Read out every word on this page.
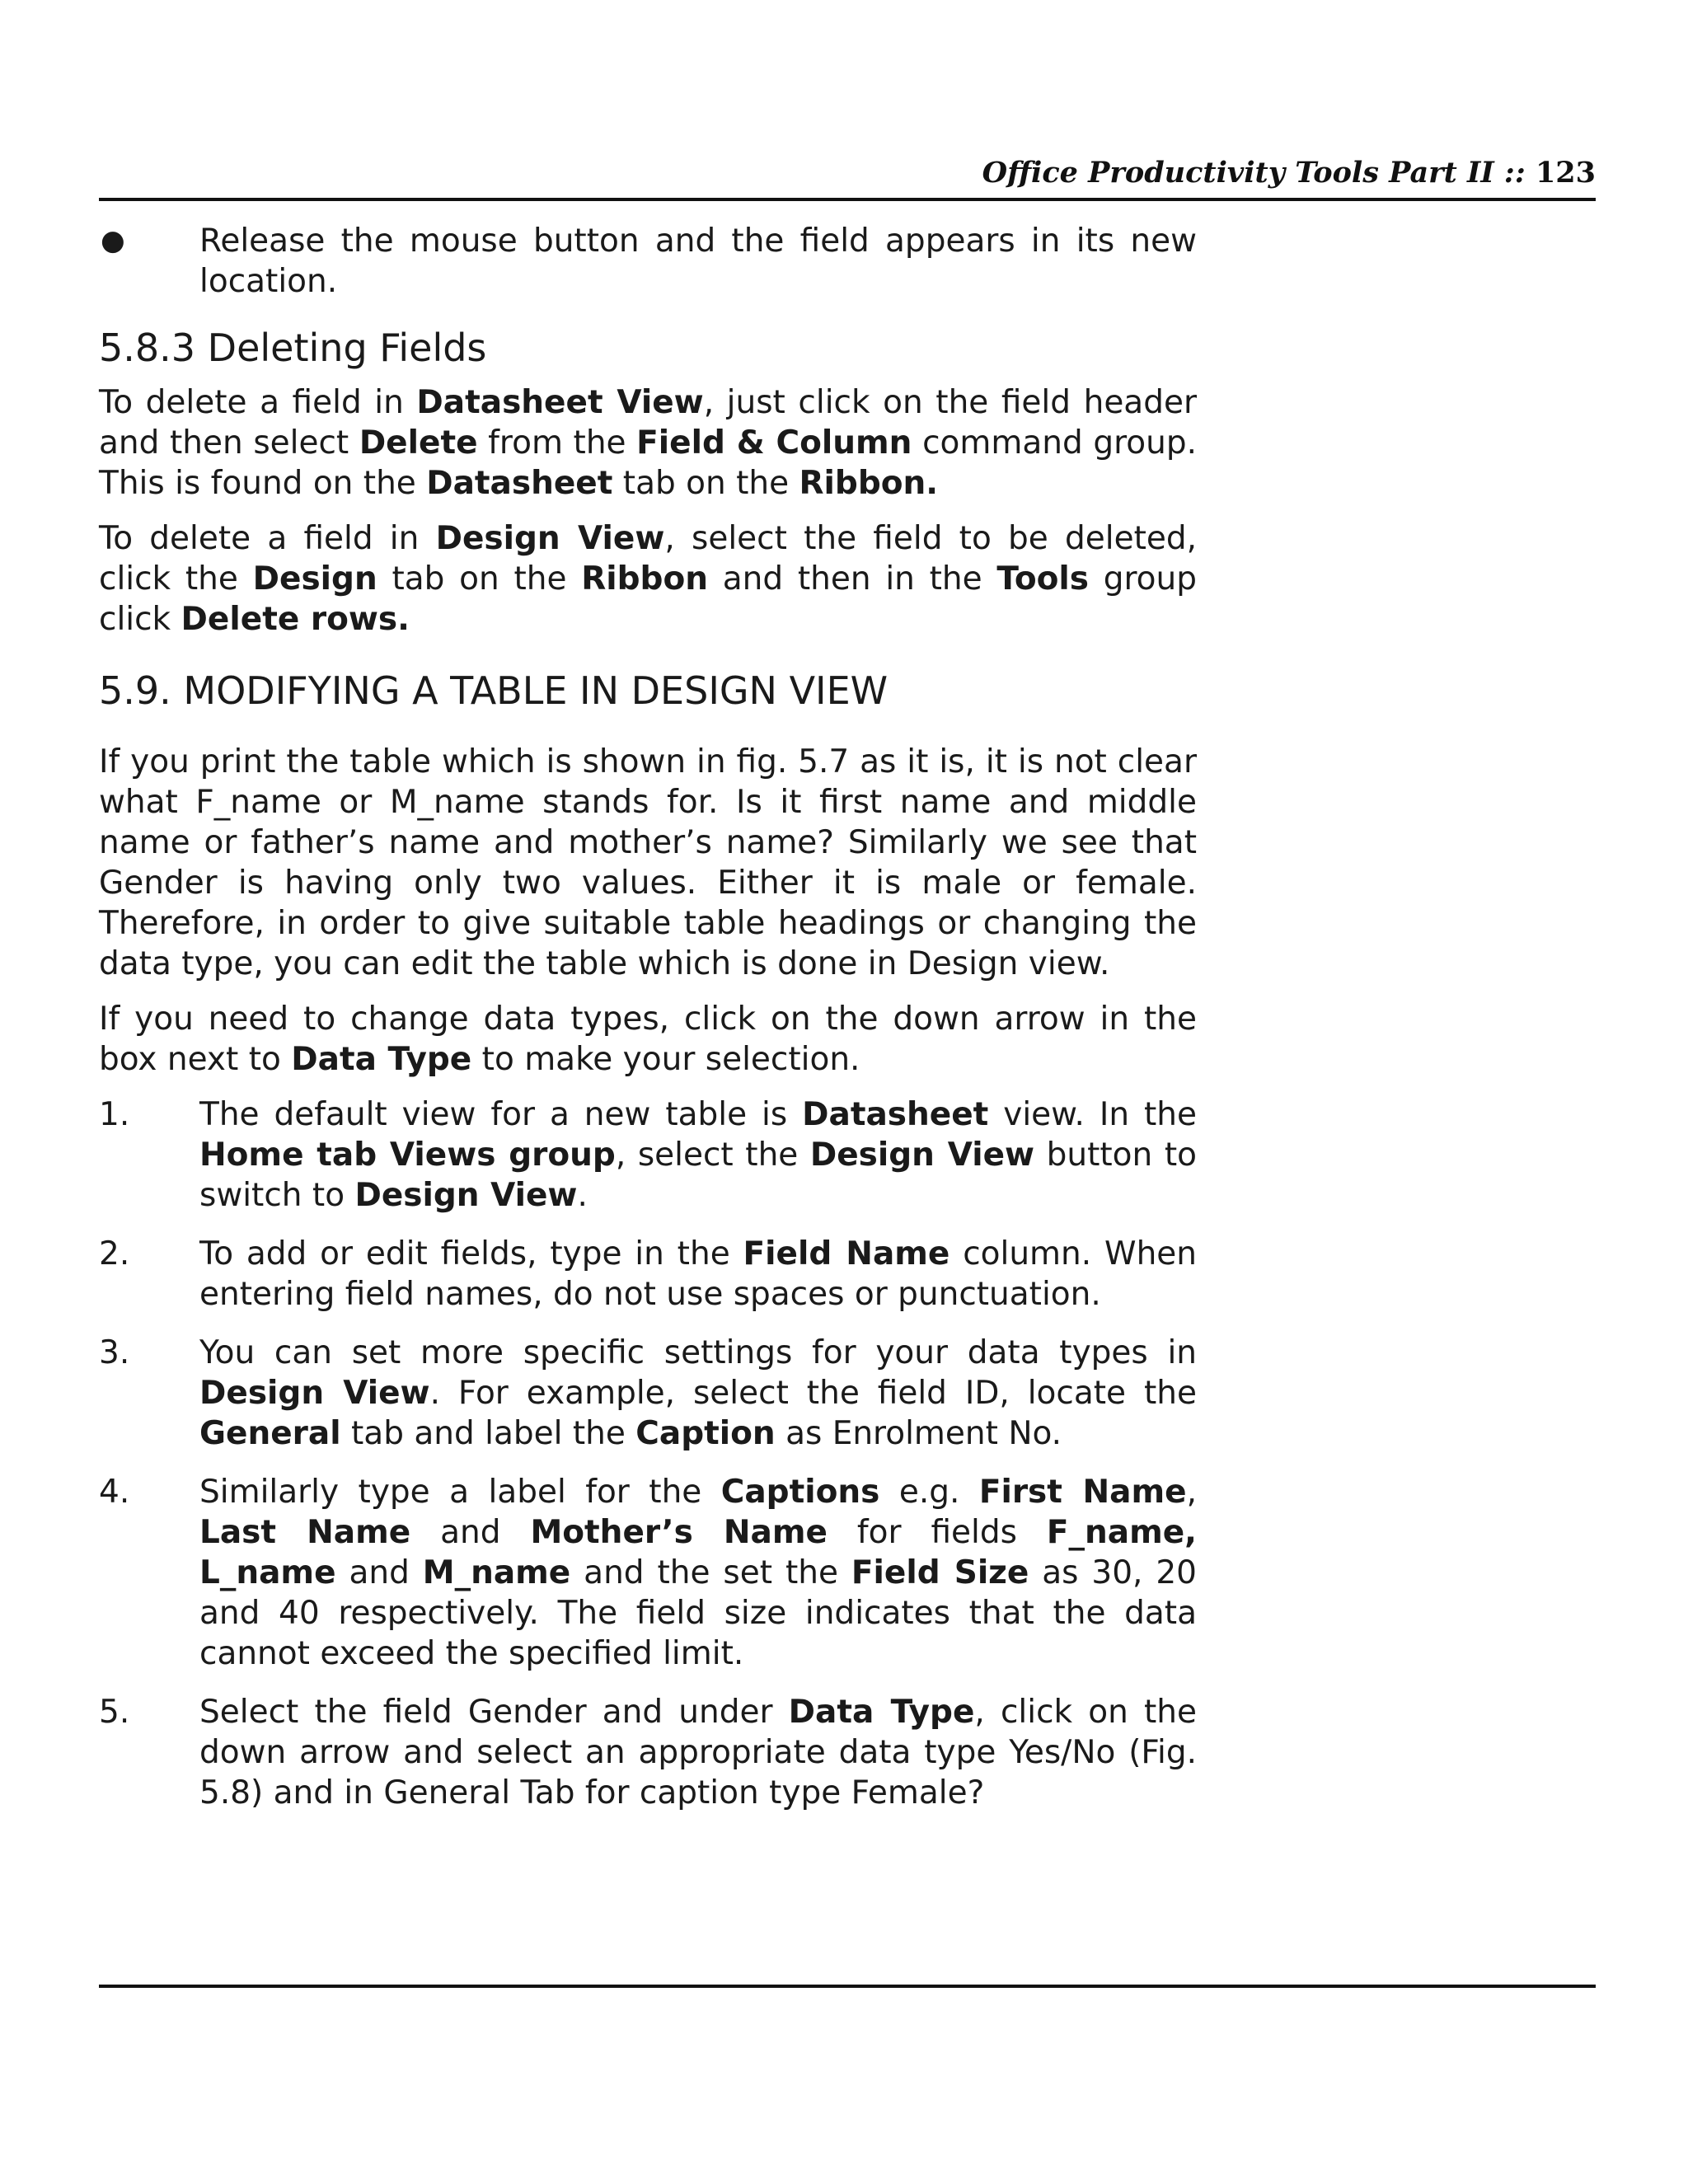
Office Productivity Tools Part II :: 123
●	Release the mouse button and the field appears in its new location.
5.8.3 Deleting Fields

To delete a field in Datasheet View, just click on the field header and then select Delete from the Field & Column command group. This is found on the Datasheet tab on the Ribbon.

To delete a field in Design View, select the field to be deleted, click the Design tab on the Ribbon and then in the Tools group click Delete rows.

5.9. MODIFYING A TABLE IN DESIGN VIEW

If you print the table which is shown in fig. 5.7 as it is, it is not clear what F_name or M_name stands for. Is it first name and middle name or father’s name and mother’s name? Similarly we see that Gender is having only two values. Either it is male or female. Therefore, in order to give suitable table headings or changing the data type, you can edit the table which is done in Design view.

If you need to change data types, click on the down arrow in the box next to Data Type to make your selection.

1.	The default view for a new table is Datasheet view. In the Home tab Views group, select the Design View button to switch to Design View.
2.	To add or edit fields, type in the Field Name column. When entering field names, do not use spaces or punctuation.
3.	You can set more specific settings for your data types in Design View. For example, select the field ID, locate the General tab and label the Caption as Enrolment No.
4.	Similarly type a label for the Captions e.g. First Name, Last Name and Mother’s Name for fields F_name, L_name and M_name and the set the Field Size as 30, 20 and 40 respectively. The field size indicates that the data cannot exceed the specified limit.
5.	Select the field Gender and under Data Type, click on the down arrow and select an appropriate data type Yes/No (Fig. 5.8) and in General Tab for caption type Female?
